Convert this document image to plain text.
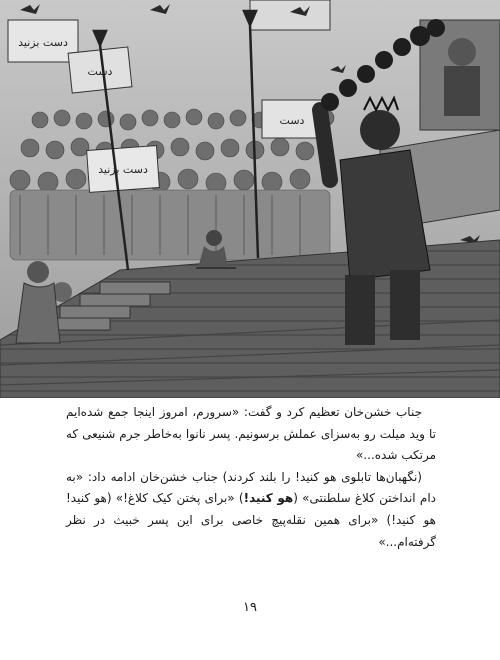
دست بزنید
دست
دست بزنید
دست

جناب خشن‌خان تعظیم کرد و گفت: «سرورم، امروز اینجا جمع شده‌ایم تا وید میلت رو به‌سزای عملش برسونیم. پسر نانوا به‌خاطر جرم شنیعی که مرتکب شده...»

(نگهبان‌ها تابلوی هو کنید! را بلند کردند) جناب خشن‌خان ادامه داد: «به دام انداختن کلاغ سلطنتی» (هو کنید!) «برای پختن کیک کلاغ!» (هو کنید! هو کنید!) «برای همین نقله‌پیچ خاصی برای این پسر خبیث در نظر گرفته‌ام...»

۱۹
